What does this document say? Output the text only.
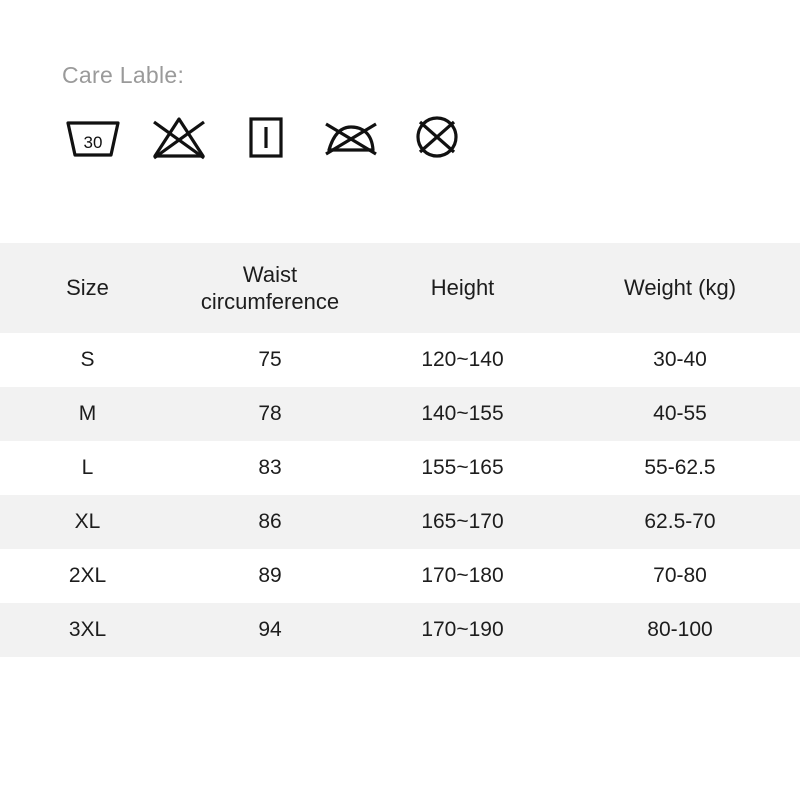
Care Lable:
30
Size	Waist circumference	Height	Weight (kg)
S	75	120~140	30-40
M	78	140~155	40-55
L	83	155~165	55-62.5
XL	86	165~170	62.5-70
2XL	89	170~180	70-80
3XL	94	170~190	80-100
